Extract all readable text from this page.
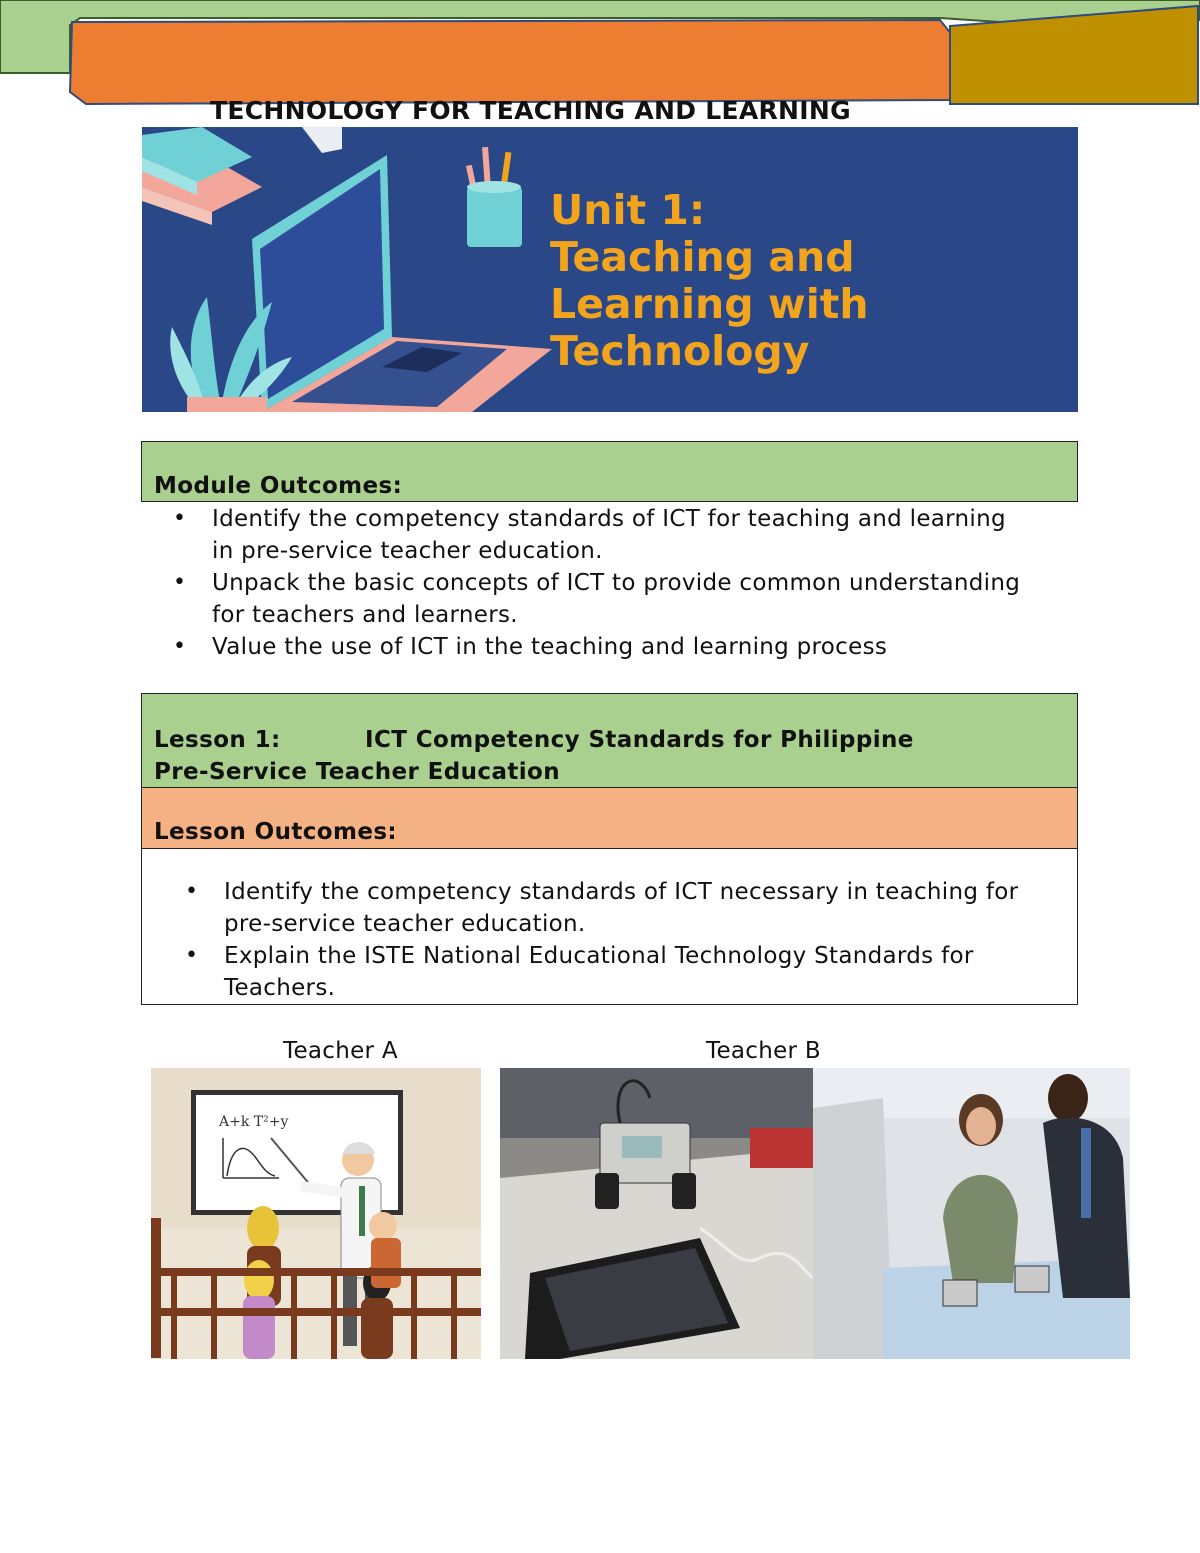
TECHNOLOGY FOR TEACHING AND LEARNING
Unit 1:
Teaching and
Learning with
Technology
Module Outcomes:
• Identify the competency standards of ICT for teaching and learning in pre-service teacher education.
• Unpack the basic concepts of ICT to provide common understanding for teachers and learners.
• Value the use of ICT in the teaching and learning process
Lesson 1:	ICT Competency Standards for Philippine
Pre-Service Teacher Education
Lesson Outcomes:
• Identify the competency standards of ICT necessary in teaching for pre-service teacher education.
• Explain the ISTE National Educational Technology Standards for Teachers.
Teacher A	Teacher B
A+k T²+y
